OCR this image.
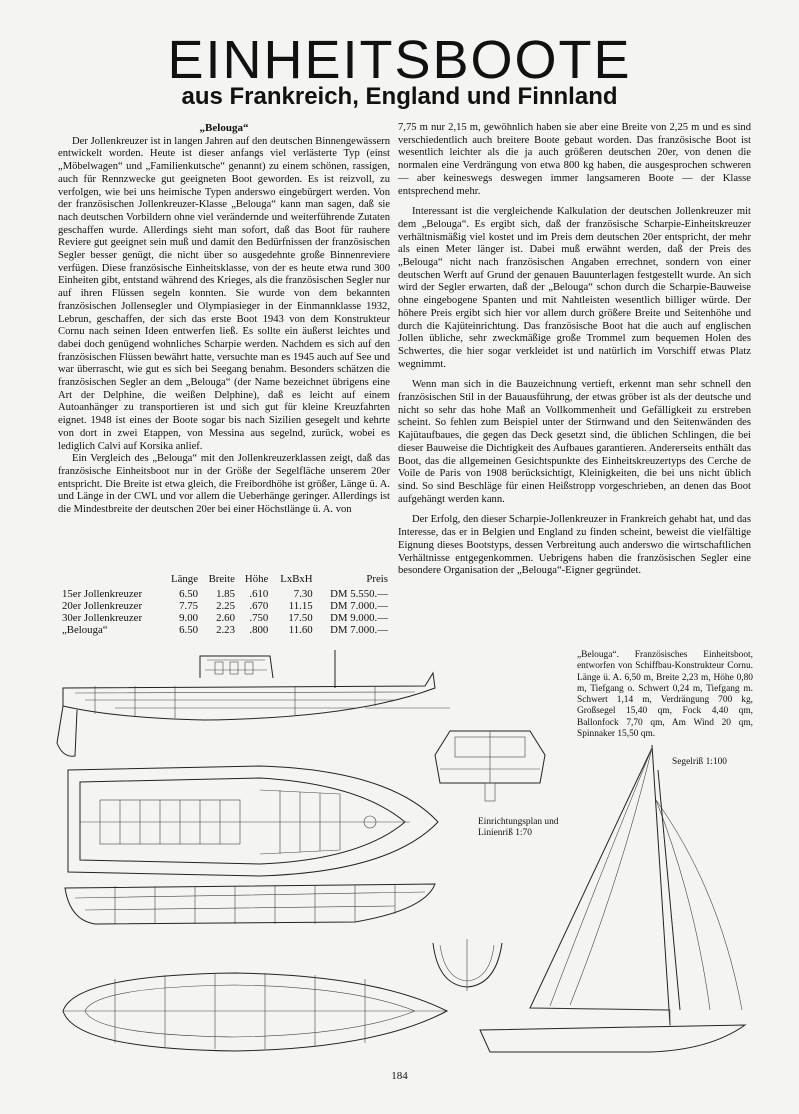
EINHEITSBOOTE
aus Frankreich, England und Finnland

„Belouga“

Der Jollenkreuzer ist in langen Jahren auf den deutschen Binnengewässern entwickelt worden. Heute ist dieser anfangs viel verlästerte Typ (einst „Möbelwagen“ und „Familienkutsche“ genannt) zu einem schönen, rassigen, auch für Rennzwecke gut geeigneten Boot geworden. Es ist reizvoll, zu verfolgen, wie bei uns heimische Typen anderswo eingebürgert werden. Von der französischen Jollenkreuzer-Klasse „Belouga“ kann man sagen, daß sie nach deutschen Vorbildern ohne viel verändernde und weiterführende Zutaten geschaffen wurde. Allerdings sieht man sofort, daß das Boot für rauhere Reviere gut geeignet sein muß und damit den Bedürfnissen der französischen Segler besser genügt, die nicht über so ausgedehnte große Binnenreviere verfügen. Diese französische Einheitsklasse, von der es heute etwa rund 300 Einheiten gibt, entstand während des Krieges, als die französischen Segler nur auf ihren Flüssen segeln konnten. Sie wurde von dem bekannten französischen Jollensegler und Olympiasieger in der Einmannklasse 1932, Lebrun, geschaffen, der sich das erste Boot 1943 von dem Konstrukteur Cornu nach seinen Ideen entwerfen ließ. Es sollte ein äußerst leichtes und dabei doch genügend wohnliches Scharpie werden. Nachdem es sich auf den französischen Flüssen bewährt hatte, versuchte man es 1945 auch auf See und war überrascht, wie gut es sich bei Seegang benahm. Besonders schätzen die französischen Segler an dem „Belouga“ (der Name bezeichnet übrigens eine Art der Delphine, die weißen Delphine), daß es leicht auf einem Autoanhänger zu transportieren ist und sich gut für kleine Kreuzfahrten eignet. 1948 ist eines der Boote sogar bis nach Sizilien gesegelt und kehrte von dort in zwei Etappen, von Messina aus segelnd, zurück, wobei es lediglich Calvi auf Korsika anlief.

Ein Vergleich des „Belouga“ mit den Jollenkreuzerklassen zeigt, daß das französische Einheitsboot nur in der Größe der Segelfläche unserem 20er entspricht. Die Breite ist etwa gleich, die Freibordhöhe ist größer, Länge ü. A. und Länge in der CWL und vor allem die Ueberhänge geringer. Allerdings ist die Mindestbreite der deutschen 20er bei einer Höchstlänge ü. A. von

7,75 m nur 2,15 m, gewöhnlich haben sie aber eine Breite von 2,25 m und es sind verschiedentlich auch breitere Boote gebaut worden. Das französische Boot ist wesentlich leichter als die ja auch größeren deutschen 20er, von denen die normalen eine Verdrängung von etwa 800 kg haben, die ausgesprochen schweren — aber keineswegs deswegen immer langsameren Boote — der Klasse entsprechend mehr.

Interessant ist die vergleichende Kalkulation der deutschen Jollenkreuzer mit dem „Belouga“. Es ergibt sich, daß der französische Scharpie-Einheitskreuzer verhältnismäßig viel kostet und im Preis dem deutschen 20er entspricht, der mehr als einen Meter länger ist. Dabei muß erwähnt werden, daß der Preis des „Belouga“ nicht nach französischen Angaben errechnet, sondern von einer deutschen Werft auf Grund der genauen Bauunterlagen festgestellt wurde. An sich wird der Segler erwarten, daß der „Belouga“ schon durch die Scharpie-Bauweise ohne eingebogene Spanten und mit Nahtleisten wesentlich billiger würde. Der höhere Preis ergibt sich hier vor allem durch größere Breite und Seitenhöhe und durch die Kajüteinrichtung. Das französische Boot hat die auch auf englischen Jollen übliche, sehr zweckmäßige große Trommel zum bequemen Holen des Schwertes, die hier sogar verkleidet ist und natürlich im Vorschiff etwas Platz wegnimmt.

Wenn man sich in die Bauzeichnung vertieft, erkennt man sehr schnell den französischen Stil in der Bauausführung, der etwas gröber ist als der deutsche und nicht so sehr das hohe Maß an Vollkommenheit und Gefälligkeit zu erstreben scheint. So fehlen zum Beispiel unter der Stirnwand und den Seitenwänden des Kajütaufbaues, die gegen das Deck gesetzt sind, die üblichen Schlingen, die bei dieser Bauweise die Dichtigkeit des Aufbaues garantieren. Andererseits enthält das Boot, das die allgemeinen Gesichtspunkte des Einheitskreuzertyps des Cerche de Voile de Paris von 1908 berücksichtigt, Kleinigkeiten, die bei uns nicht üblich sind. So sind Beschläge für einen Heißstropp vorgeschrieben, an denen das Boot aufgehängt werden kann.

Der Erfolg, den dieser Scharpie-Jollenkreuzer in Frankreich gehabt hat, und das Interesse, das er in Belgien und England zu finden scheint, beweist die vielfältige Eignung dieses Bootstyps, dessen Verbreitung auch anderswo die wirtschaftlichen Verhältnisse entgegenkommen. Uebrigens haben die französischen Segler eine besondere Organisation der „Belouga“-Eigner gegründet.

	Länge	Breite	Höhe	LxBxH	Preis
15er Jollenkreuzer	6.50	1.85	.610	7.30	DM 5.550.—
20er Jollenkreuzer	7.75	2.25	.670	11.15	DM 7.000.—
30er Jollenkreuzer	9.00	2.60	.750	17.50	DM 9.000.—
„Belouga“	6.50	2.23	.800	11.60	DM 7.000.—
„Belouga“. Französisches Einheitsboot, entworfen von Schiffbau-Konstrukteur Cornu. Länge ü. A. 6,50 m, Breite 2,23 m, Höhe 0,80 m, Tiefgang o. Schwert 0,24 m, Tiefgang m. Schwert 1,14 m, Verdrängung 700 kg, Großsegel 15,40 qm, Fock 4,40 qm, Ballonfock 7,70 qm, Am Wind 20 qm, Spinnaker 15,50 qm.
Segelriß 1:100
Einrichtungsplan und Linienriß 1:70
184
